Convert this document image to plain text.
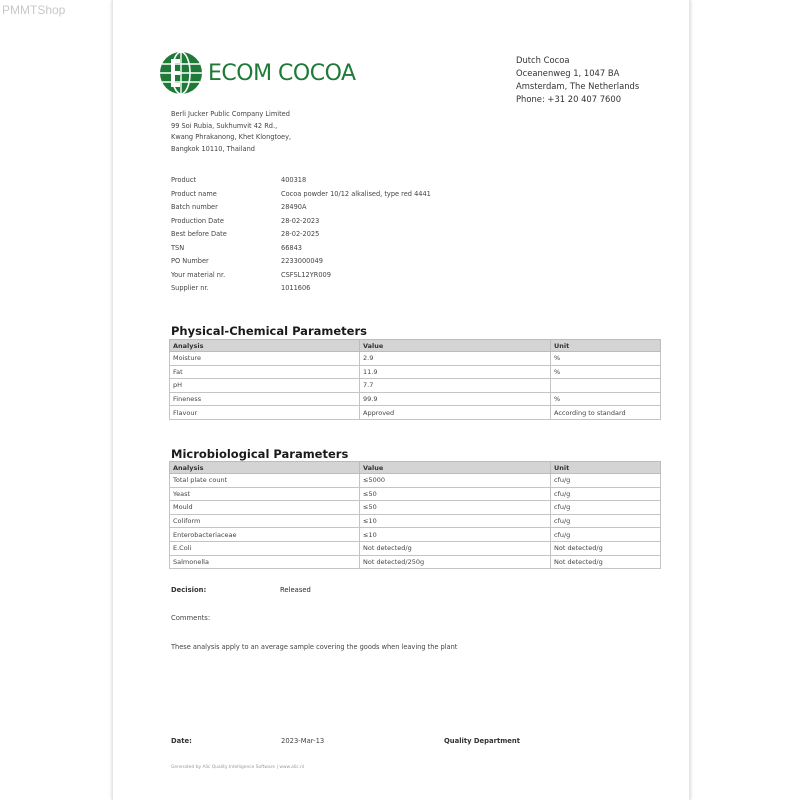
PMMTShop
ECOM COCOA
Dutch Cocoa
Oceanenweg 1, 1047 BA
Amsterdam, The Netherlands
Phone: +31 20 407 7600
Berli Jucker Public Company Limited
99 Soi Rubia, Sukhumvit 42 Rd.,
Kwang Phrakanong, Khet Klongtoey,
Bangkok 10110, Thailand
Product	400318
Product name	Cocoa powder 10/12 alkalised, type red 4441
Batch number	28490A
Production Date	28-02-2023
Best before Date	28-02-2025
TSN	66843
PO Number	2233000049
Your material nr.	CSFSL12YR009
Supplier nr.	1011606
Physical-Chemical Parameters
Analysis	Value	Unit
Moisture	2.9	%
Fat	11.9	%
pH	7.7	
Fineness	99.9	%
Flavour	Approved	According to standard
Microbiological Parameters
Analysis	Value	Unit
Total plate count	≤5000	cfu/g
Yeast	≤50	cfu/g
Mould	≤50	cfu/g
Coliform	≤10	cfu/g
Enterobacteriaceae	≤10	cfu/g
E.Coli	Not detected/g	Not detected/g
Salmonella	Not detected/250g	Not detected/g
Decision:	Released
Comments:
These analysis apply to an average sample covering the goods when leaving the plant
Date:	2023-Mar-13	Quality Department
Generated by Alic Quality Intelligence Software | www.alic.nl
